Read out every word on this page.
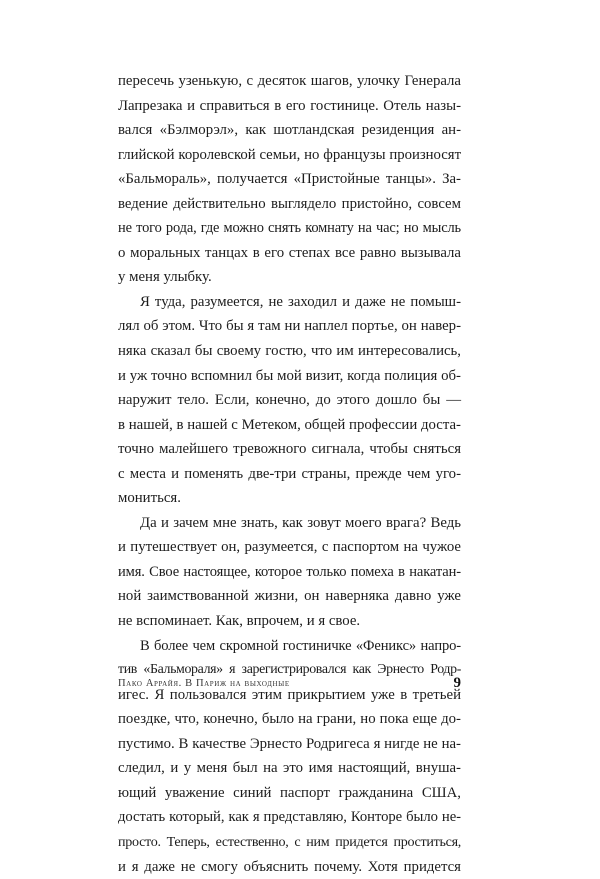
пересечь узенькую, с десяток шагов, улочку Генерала
Лапрезака и справиться в его гостинице. Отель назы-
вался «Бэлморэл», как шотландская резиденция ан-
глийской королевской семьи, но французы произносят
«Бальмораль», получается «Пристойные танцы». За-
ведение действительно выглядело пристойно, совсем
не того рода, где можно снять комнату на час; но мысль
о моральных танцах в его степах все равно вызывала
у меня улыбку.

Я туда, разумеется, не заходил и даже не помыш-
лял об этом. Что бы я там ни наплел портье, он навер-
няка сказал бы своему гостю, что им интересовались,
и уж точно вспомнил бы мой визит, когда полиция об-
наружит тело. Если, конечно, до этого дошло бы —
в нашей, в нашей с Метеком, общей профессии доста-
точно малейшего тревожного сигнала, чтобы сняться
с места и поменять две-три страны, прежде чем уго-
мониться.

Да и зачем мне знать, как зовут моего врага? Ведь
и путешествует он, разумеется, с паспортом на чужое
имя. Свое настоящее, которое только помеха в накатан-
ной заимствованной жизни, он наверняка давно уже
не вспоминает. Как, впрочем, и я свое.

В более чем скромной гостиничке «Феникс» напро-
тив «Бальмораля» я зарегистрировался как Эрнесто Родр-
игес. Я пользовался этим прикрытием уже в третьей
поездке, что, конечно, было на грани, но пока еще до-
пустимо. В качестве Эрнесто Родригеса я нигде не на-
следил, и у меня был на это имя настоящий, внуша-
ющий уважение синий паспорт гражданина США,
достать который, как я представляю, Конторе было не-
просто. Теперь, естественно, с ним придется проститься,
и я даже не смогу объяснить почему. Хотя придется

Пако Аррайя. В Париж на выходные	9
